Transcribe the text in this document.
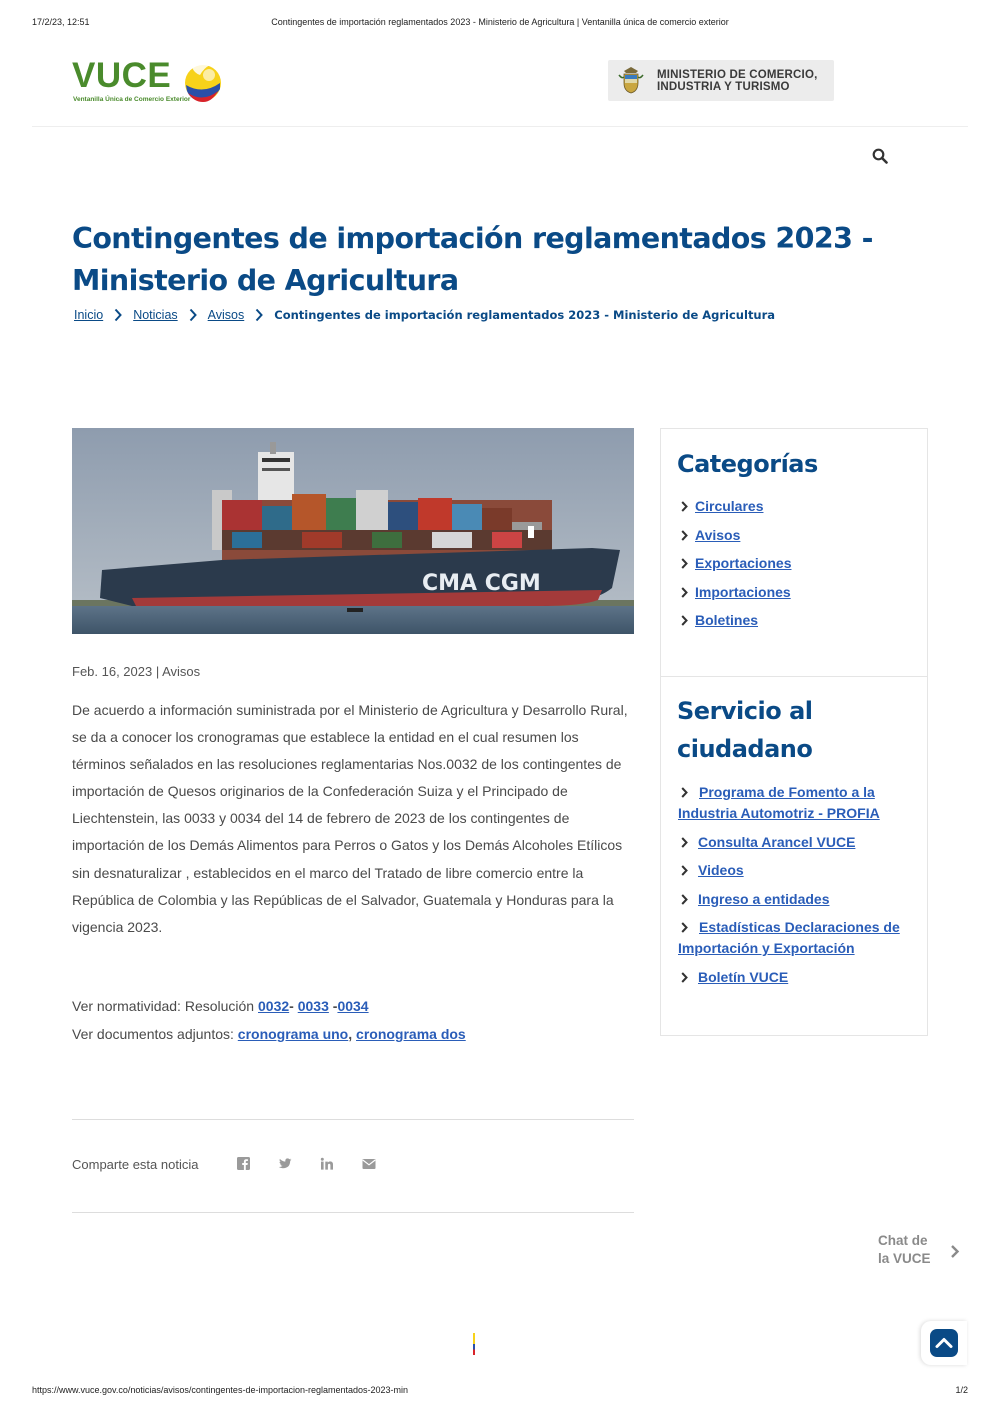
17/2/23, 12:51	Contingentes de importación reglamentados 2023 - Ministerio de Agricultura | Ventanilla única de comercio exterior
VUCE
Ventanilla Única de Comercio Exterior
MINISTERIO DE COMERCIO, INDUSTRIA Y TURISMO
Contingentes de importación reglamentados 2023 - Ministerio de Agricultura
Inicio Noticias Avisos	Contingentes de importación reglamentados 2023 - Ministerio de Agricultura
CMA CGM
Feb. 16, 2023 | Avisos

De acuerdo a información suministrada por el Ministerio de Agricultura y Desarrollo Rural, se da a conocer los cronogramas que establece la entidad en el cual resumen los términos señalados en las resoluciones reglamentarias Nos.0032 de los contingentes de importación de Quesos originarios de la Confederación Suiza y el Principado de Liechtenstein, las 0033 y 0034 del 14 de febrero de 2023 de los contingentes de importación de los Demás Alimentos para Perros o Gatos y los Demás Alcoholes Etílicos sin desnaturalizar , establecidos en el marco del Tratado de libre comercio entre la República de Colombia y las Repúblicas de el Salvador, Guatemala y Honduras para la vigencia 2023.

Ver normatividad: Resolución 0032- 0033 -0034
Ver documentos adjuntos: cronograma uno, cronograma dos
Comparte esta noticia
Categorías
Circulares
Avisos
Exportaciones
Importaciones
Boletines
Servicio al ciudadano
Programa de Fomento a la Industria Automotriz - PROFIA
Consulta Arancel VUCE
Videos
Ingreso a entidades
Estadísticas Declaraciones de Importación y Exportación
Boletín VUCE
Chat de la VUCE
https://www.vuce.gov.co/noticias/avisos/contingentes-de-importacion-reglamentados-2023-min	1/2
